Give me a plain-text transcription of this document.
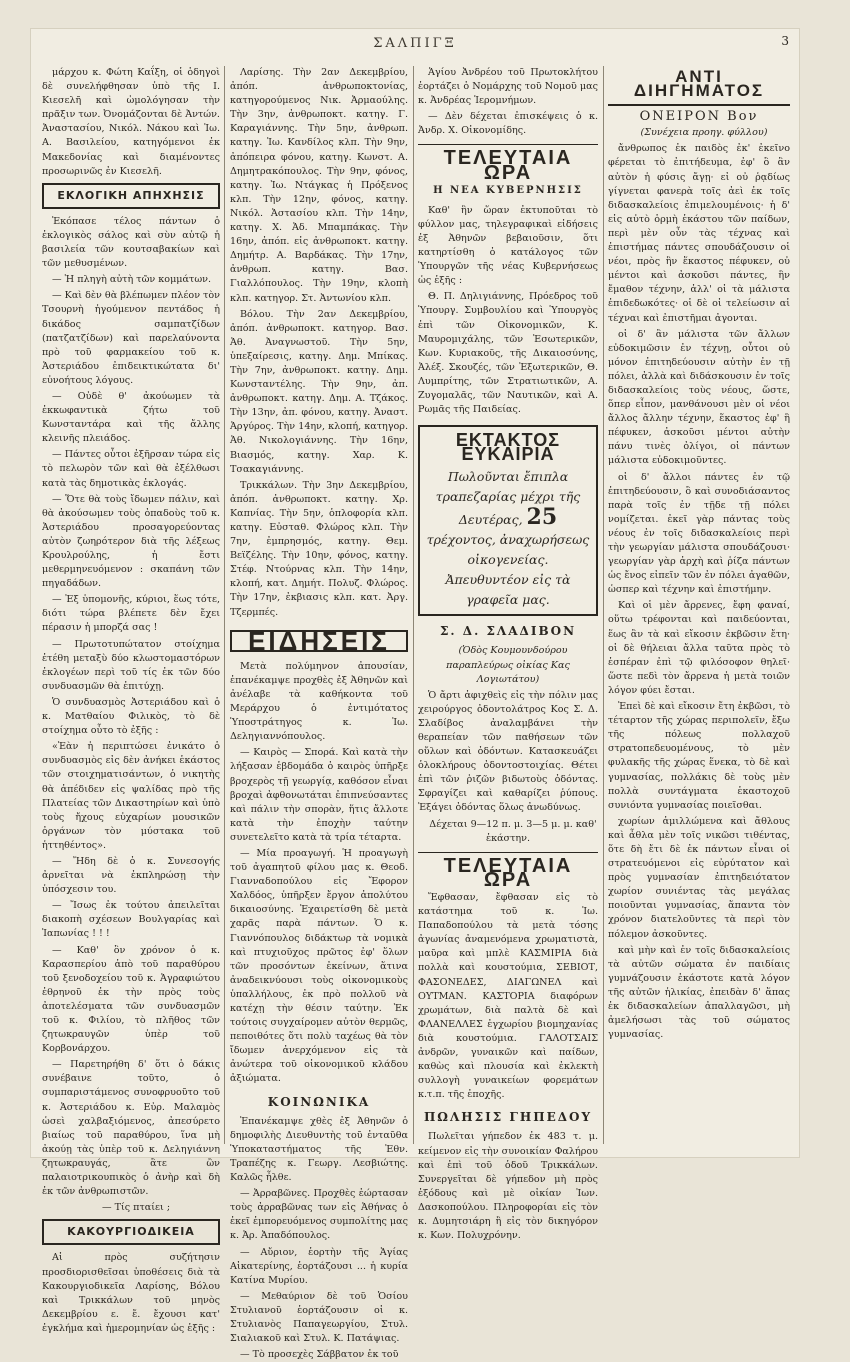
ΣΑΛΠΙΓΞ	3

μάρχου κ. Φώτη Καΐξη, οἱ ὁδηγοὶ δὲ συνελήφθησαν ὑπὸ τῆς Ι. Κιεσελῆ καὶ ὡμολόγησαν τὴν πρᾶξιν των. Ὀνομάζονται δὲ Ἀντών. Ἀναστασίου, Νικόλ. Νάκου καὶ Ἰω. Α. Βασιλείου, κατηγόμενοι ἐκ Μακεδονίας καὶ διαμένοντες προσωρινῶς ἐν Κιεσελῆ.

ΕΚΛΟΓΙΚΗ ΑΠΗΧΗΣΙΣ

Ἐκόπασε τέλος πάντων ὁ ἐκλογικὸς σάλος καὶ σὺν αὐτῷ ἡ βασιλεία τῶν κουτσαβακίων καὶ τῶν μεθυσμένων.

— Ἡ πληγὴ αὐτὴ τῶν κομμάτων.

— Καὶ δὲν θὰ βλέπωμεν πλέον τὸν Τσουρνὴ ἡγούμενον πεντάδος ἡ δικάδος σαμπατζίδων (πατζατζίδων) καὶ παρελαύνοντα πρὸ τοῦ φαρμακείου τοῦ κ. Ἀστεριάδου ἐπιδεικτικώτατα δι' εὐνοήτους λόγους.

— Οὐδὲ θ' ἀκούωμεν τὰ ἐκκωφαντικὰ ζήτω τοῦ Κωνσταντάρα καὶ τῆς ἄλλης κλεινῆς πλειάδος.

— Πάντες οὗτοι ἐξῆρσαν τώρα εἰς τὸ πελωρὸν τῶν καὶ θὰ ἐξέλθωσι κατὰ τὰς δημοτικὰς ἐκλογάς.

— Ὅτε θὰ τοὺς ἴδωμεν πάλιν, καὶ θὰ ἀκούσωμεν τοὺς ὀπαδοὺς τοῦ κ. Ἀστεριάδου προσαγορεύοντας αὐτὸν ζωηρότερον διὰ τῆς λέξεως Κρουλρούλης, ἡ ἔστι μεθερμηνευόμενον : σκαπάνη τῶν πηγαδάδων.

— Ἐξ ὑπομονῆς, κύριοι, ἕως τότε, διότι τώρα βλέπετε δὲν ἔχει πέρασιν ἡ μπορζά σας !

— Πρωτοτυπώτατον στοίχημα ἐτέθη μεταξὺ δύο κλωστομαστόρων ἐκλογέων περὶ τοῦ τίς ἐκ τῶν δύο συνδυασμῶν θὰ ἐπιτύχῃ.

Ὁ συνδυασμὸς Ἀστεριάδου καὶ ὁ κ. Ματθαίου Φιλικὸς, τὸ δὲ στοίχημα οὗτο τὸ ἐξῆς :

«Ἐὰν ἡ περιπτώσει ἐνικάτο ὁ συνδυασμὸς εἰς δὲν ἀνήκει ἑκάστος τῶν στοιχηματισάντων, ὁ νικητὴς θὰ ἀπέδιδεν εἰς ψαλίδας πρὸ τῆς Πλατείας τῶν Δικαστηρίων καὶ ὑπὸ τοὺς ἤχους εὐχαρίων μουσικῶν ὀργάνων τὸν μύστακα τοῦ ἡττηθέντος».

— Ἤδη δὲ ὁ κ. Συνεσογής ἀρνεῖται νὰ ἐκπληρώσῃ τὴν ὑπόσχεσιν του.

— Ἴσως ἐκ τούτου ἀπειλεῖται διακοπὴ σχέσεων Βουλγαρίας καὶ Ἰαπωνίας ! ! !

— Καθ' ὃν χρόνον ὁ κ. Καρασπερίου ἀπὸ τοῦ παραθύρου τοῦ ξενοδοχείου τοῦ κ. Ἀγραφιώτου ἐθρηνοῦ ἐκ τὴν πρὸς τοὺς ἀποτελέσματα τῶν συνδυασμῶν τοῦ κ. Φιλίου, τὸ πλῆθος τῶν ζητωκραυγῶν ὑπὲρ τοῦ Κορβονάρχου.

— Παρετηρήθη δ' ὅτι ὁ δάκις συνέβαινε τοῦτο, ὁ συμπαριστάμενος συνοφρυοῦτο τοῦ κ. Ἀστεριάδου κ. Εὐρ. Μαλαμὸς ὡσεὶ χαλβαξιόμενος, ἀπεσύρετο βιαίως τοῦ παραθύρου, ἵνα μὴ ἀκούῃ τὰς ὑπὲρ τοῦ κ. Δεληγιάννη ζητωκραυγάς, ἃτε ὢν παλαιοτρικουπικὸς ὁ ἀνὴρ καὶ δὴ ἐκ τῶν ἀνθρωπιστῶν.

— Τίς πταίει ;

ΚΑΚΟΥΡΓΙΟΔΙΚΕΙΑ

Αἱ πρὸς συζήτησιν προσδιορισθεῖσαι ὑποθέσεις διὰ τὰ Κακουργιοδικεῖα Λαρίσης, Βόλου καὶ Τρικκάλων τοῦ μηνὸς Δεκεμβρίου ε. ἔ. ἔχουσι κατ' ἐγκλήμα καὶ ἡμερομηνίαν ὡς ἑξῆς :

Λαρίσης. Τὴν 2αν Δεκεμβρίου, ἀπόπ. ἀνθρωποκτονίας, κατηγορούμενος Νικ. Ἀρμαούλης. Τὴν 3ην, ἀνθρωποκτ. κατηγ. Γ. Καραγιάννης. Τὴν 5ην, ἀνθρωπ. κατηγ. Ἰω. Κανδίλος κλπ. Τὴν 9ην, ἀπόπειρα φόνου, κατηγ. Κωνστ. Α. Δημητρακόπουλος. Τὴν 9ην, φόνος, κατηγ. Ἰω. Ντάγκας ἡ Πρόξενος κλπ. Τὴν 12ην, φόνος, κατηγ. Νικόλ. Ἀστασίου κλπ. Τὴν 14ην, κατηγ. Χ. Ἀδ. Μπαμπάκας. Τὴν 16ην, ἀπόπ. εἰς ἀνθρωποκτ. κατηγ. Δημήτρ. Α. Βαρδάκας. Τὴν 17ην, ἀνθρωπ. κατηγ. Βασ. Γιαλλόπουλος. Τὴν 19ην, κλοπὴ κλπ. κατηγορ. Στ. Ἀντωνίου κλπ.

Βόλου. Τὴν 2αν Δεκεμβρίου, ἀπόπ. ἀνθρωποκτ. κατηγορ. Βασ. Ἀθ. Ἀναγνωστοῦ. Τὴν 5ην, ὑπεξαίρεσις, κατηγ. Δημ. Μπίκας. Τὴν 7ην, ἀνθρωποκτ. κατηγ. Δημ. Κωνσταντέλης. Τὴν 9ην, ἀπ. ἀνθρωποκτ. κατηγ. Δημ. Α. Τζάκος. Τὴν 13ην, ἀπ. φόνου, κατηγ. Ἀναστ. Ἀργύρος. Τὴν 14ην, κλοπή, κατηγορ. Ἀθ. Νικολογιάννης. Τὴν 16ην, Βιασμός, κατηγ. Χαρ. Κ. Τσακαγιάννης.

Τρικκάλων. Τὴν 3ην Δεκεμβρίου, ἀπόπ. ἀνθρωποκτ. κατηγ. Χρ. Καπνίας. Τὴν 5ην, ὁπλοφορία κλπ. κατηγ. Εὐσταθ. Φλώρος κλπ. Τὴν 7ην, ἐμπρησμός, κατηγ. Θεμ. Βεϊζέλης. Τὴν 10ην, φόνος, κατηγ. Στέφ. Ντούρνας κλπ. Τὴν 14ην, κλοπή, κατ. Δημήτ. Πολυζ. Φλώρος. Τὴν 17ην, ἐκβιασις κλπ. κατ. Ἀργ. Τζερμπές.

ΕΙΔΗΣΕΙΣ

Μετὰ πολύμηνον ἀπουσίαν, ἐπανέκαμψε προχθὲς ἐξ Ἀθηνῶν καὶ ἀνέλαβε τὰ καθήκοντα τοῦ Μεράρχου ὁ ἐντιμότατος Ὑποστράτηγος κ. Ἰω. Δεληγιαννόπουλος.

— Καιρὸς — Σπορά. Καὶ κατὰ τὴν λήξασαν ἑβδομάδα ὁ καιρὸς ὑπῆρξε βροχερὸς τῇ γεωργίᾳ, καθόσον εἶναι βροχαὶ ἀφθονωτάται ἐπιπνεύσαντες καὶ πάλιν τὴν σπορὰν, ἥτις ἄλλοτε κατὰ τὴν ἐποχὴν ταύτην συνετελεῖτο κατὰ τὰ τρία τέταρτα.

— Μία προαγωγή. Ἡ προαγωγὴ τοῦ ἀγαπητοῦ φίλου μας κ. Θεοδ. Γιανναδοπούλου εἰς Ἔφορον Χαλδόος, ὑπῆρξεν ἔργον ἀπολύτου δικαιοσύνης. Ἐχαιρετίσθη δὲ μετὰ χαρᾶς παρὰ πάντων. Ὁ κ. Γιαννόπουλος διδάκτωρ τὰ νομικὰ καὶ πτυχιοῦχος πρῶτος ἐφ' ὅλων τῶν προσόντων ἐκείνων, ἅτινα ἀναδεικνύουσι τοὺς οἰκονομικοὺς ὑπαλλήλους, ἐκ πρὸ πολλοῦ νὰ κατέχῃ τὴν θέσιν ταύτην. Ἐκ τούτοις συγχαίρομεν αὐτὸν θερμῶς, πεποιθότες ὅτι πολὺ ταχέως θὰ τὸν ἴδωμεν ἀνερχόμενον εἰς τὰ ἀνώτερα τοῦ οἰκονομικοῦ κλάδου ἀξιώματα.

ΚΟΙΝΩΝΙΚΑ

Ἐπανέκαμψε χθὲς ἐξ Ἀθηνῶν ὁ δημοφιλὴς Διευθυντὴς τοῦ ἐνταῦθα Ὑποκαταστήματος τῆς Ἐθν. Τραπέζης κ. Γεωργ. Λεσβιώτης. Καλῶς ἦλθε.

— Ἀρραβῶνες. Προχθὲς ἑώρτασαν τοὺς ἀρραβῶνας των εἰς Ἀθήνας ὁ ἐκεῖ ἐμπορευόμενος συμπολίτης μας κ. Ἀρ. Ἀπαδόπουλος.

— Αὔριον, ἑορτὴν τῆς Ἁγίας Αἰκατερίνης, ἑορτάζουσι ... ἡ κυρία Κατίνα Μυρίου.

— Μεθαύριον δὲ τοῦ Ὁσίου Στυλιανοῦ ἑορτάζουσιν οἱ κ. Στυλιανὸς Παπαγεωργίου, Στυλ. Σιαλιακοῦ καὶ Στυλ. Κ. Πατάψιας.

— Τὸ προσεχὲς Σάββατον ἐκ τοῦ

Ἁγίου Ἀνδρέου τοῦ Πρωτοκλήτου ἑορτάζει ὁ Νομάρχης τοῦ Νομοῦ μας κ. Ἀνδρέας Ἱερομνήμων.

— Δὲν δέχεται ἐπισκέψεις ὁ κ. Ἀνδρ. Χ. Οἰκονομίδης.

ΤΕΛΕΥΤΑΙΑ ΩΡΑ
Η ΝΕΑ ΚΥΒΕΡΝΗΣΙΣ

Καθ' ἣν ὥραν ἐκτυποῦται τὸ φύλλον μας, τηλεγραφικαὶ εἰδήσεις ἐξ Ἀθηνῶν βεβαιοῦσιν, ὅτι κατηρτίσθη ὁ κατάλογος τῶν Ὑπουργῶν τῆς νέας Κυβερνήσεως ὡς ἑξῆς :

Θ. Π. Δηλιγιάννης, Πρόεδρος τοῦ Ὑπουργ. Συμβουλίου καὶ Ὑπουργὸς ἐπὶ τῶν Οἰκονομικῶν, Κ. Μαυρομιχάλης, τῶν Ἐσωτερικῶν, Κων. Κυριακοῦς, τῆς Δικαιοσύνης, Ἀλέξ. Σκουζές, τῶν Ἐξωτερικῶν, Θ. Λυμπρίτης, τῶν Στρατιωτικῶν, Α. Ζυγομαλᾶς, τῶν Ναυτικῶν, καὶ Α. Ρωμᾶς τῆς Παιδείας.

ΕΚΤΑΚΤΟΣ ΕΥΚΑΙΡΙΑ
Πωλοῦνται ἔπιπλα τραπεζαρίας μέχρι τῆς Δευτέρας, 25 τρέχοντος, ἀναχωρήσεως οἰκογενείας.
Ἀπευθυντέον εἰς τὰ γραφεῖα μας.
Σ. Δ. ΣΛΑΔΙΒΟΝ

(Ὁδὸς Κουμουνδούρου παραπλεύρως οἰκίας Κας Λογιωτάτου)

Ὁ ἄρτι ἀφιχθεὶς εἰς τὴν πόλιν μας χειρούργος ὀδοντολάτρος Κος Σ. Δ. Σλαδίβος ἀναλαμβάνει τὴν θεραπείαν τῶν παθήσεων τῶν οὔλων καὶ ὀδόντων. Κατασκευάζει ὁλοκλήρους ὀδοντοστοιχίας. Θέτει ἐπὶ τῶν ῥιζῶν βιδωτοὺς ὀδόντας. Σφραγίζει καὶ καθαρίζει ῥύπους. Ἐξάγει ὀδόντας ὅλως ἀνωδύνως.

Δέχεται 9—12 π. μ. 3—5 μ. μ. καθ' ἑκάστην.

ΤΕΛΕΥΤΑΙΑ ΩΡΑ

Ἔφθασαν, ἔφθασαν εἰς τὸ κατάστημα τοῦ κ. Ἰω. Παπαδοπούλου τὰ μετὰ τόσης ἀγωνίας ἀναμενόμενα χρωματιστὰ, μαῦρα καὶ μπλὲ ΚΑΣΜΙΡΙΑ διὰ πολλὰ καὶ κουστούμια, ΣΕΒΙΟΤ, ΦΑΣΟΝΕΔΕΣ, ΔΙΑΓΩΝΕΛ καὶ ΟΥΤΜΑΝ. ΚΑΣΤΟΡΙΑ διαφόρων χρωμάτων, διὰ παλτὰ δὲ καὶ ΦΛΑΝΕΛΛΕΣ ἐγχωρίου βιομηχανίας διὰ κουστούμια. ΓΑΛΟΤΣΑΙΣ ἀνδρῶν, γυναικῶν καὶ παίδων, καθὼς καὶ πλουσία καὶ ἐκλεκτὴ συλλογὴ γυναικείων φορεμάτων κ.τ.π. τῆς ἐποχῆς.

ΠΩΛΗΣΙΣ ΓΗΠΕΔΟΥ

Πωλεῖται γήπεδον ἐκ 483 τ. μ. κείμενον εἰς τὴν συνοικίαν Φαλήρου καὶ ἐπὶ τοῦ ὁδοῦ Τρικκάλων. Συνεργεῖται δὲ γήπεδον μὴ πρὸς ἑξόδους καὶ μὲ οἰκίαν Ἰων. Δασκοπούλου. Πληροφορίαι εἰς τὸν κ. Δυμητσιάρη ἢ εἰς τὸν δικηγόρον κ. Κων. Πολυχρόνην.

ΑΝΤΙ ΔΙΗΓΗΜΑΤΟΣ
ΟΝΕΙΡΟΝ Βον

(Συνέχεια προηγ. φύλλου)

ἄνθρωπος ἐκ παιδὸς ἐκ' ἐκεῖνο φέρεται τὸ ἐπιτήδευμα, ἐφ' ὃ ἂν αὐτὸν ἡ φύσις ἄγῃ· εἰ οὐ ῥᾳδίως γίγνεται φανερὰ τοῖς ἀεὶ ἐκ τοῖς διδασκαλείοις ἐπιμελουμένοις· ἡ δ' εἰς αὐτὸ ὁρμὴ ἑκάστου τῶν παίδων, περὶ μὲν οὖν τὰς τέχνας καὶ ἐπιστήμας πάντες σπουδάζουσιν οἱ νέοι, πρὸς ἣν ἕκαστος πέφυκεν, οὐ μέντοι καὶ ἀσκοῦσι πάντες, ἣν ἔμαθον τέχνην, ἀλλ' οἱ τὰ μάλιστα ἐπιδεδωκότες· οἱ δὲ οἱ τελείωσιν αἱ τέχναι καὶ ἐπιστῆμαι ἀγονται.

οἱ δ' ἂν μάλιστα τῶν ἄλλων εὐδοκιμῶσιν ἐν τέχνῃ, οὗτοι οὐ μόνον ἐπιτηδεύουσιν αὐτὴν ἐν τῇ πόλει, ἀλλὰ καὶ διδάσκουσιν ἐν τοῖς διδασκαλείοις τοὺς νέους, ὥστε, ὅπερ εἶπον, μανθάνουσι μὲν οἱ νέοι ἄλλος ἄλλην τέχνην, ἕκαστος ἐφ' ἣ πέφυκεν, ἀσκοῦσι μέντοι αὐτὴν πάνυ τινὲς ὀλίγοι, οἱ πάντων μάλιστα εὐδοκιμοῦντες.

οἱ δ' ἄλλοι πάντες ἐν τῷ ἐπιτηδεύουσιν, ὃ καὶ συνοδιάσαντος παρὰ τοῖς ἐν τῇδε τῇ πόλει νομίζεται. ἐκεῖ γὰρ πάντας τοὺς νέους ἐν τοῖς διδασκαλείοις περὶ τὴν γεωργίαν μάλιστα σπουδάζουσι· γεωργίαν γὰρ ἀρχὴ καὶ ῥίζα πάντων ὡς ἔνος εἰπεῖν τῶν ἐν πόλει ἀγαθῶν, ὡσπερ καὶ τέχνην καὶ ἐπιστήμην.

Καὶ οἱ μὲν ἄρρενες, ἔφη φαναί, οὕτω τρέφονται καὶ παιδεύονται, ἕως ἂν τὰ καὶ εἴκοσιν ἐκβῶσιν ἔτη· οἱ δὲ θήλειαι ἄλλα ταῦτα πρὸς τὸ ἑσπέραν ἐπὶ τῷ φιλόσοφον θηλεῖ· ὥστε πεδὶ τὸν ἄρρενα ἡ μετὰ τοιῶν λόγον φύει ἔσται.

Ἐπεὶ δὲ καὶ εἴκοσιν ἔτη ἐκβῶσι, τὸ τέταρτον τῆς χώρας περιπολεῖν, ἔξω τῆς πόλεως πολλαχοῦ στρατοπεδευομένους, τὸ μὲν φυλακῆς τῆς χώρας ἕνεκα, τὸ δὲ καὶ γυμνασίας, πολλάκις δὲ τοὺς μὲν πολλὰ συντάγματα ἑκαστοχοῦ συνιόντα γυμνασίας ποιεῖσθαι.

χωρίων ἀμιλλώμενα καὶ ἄθλους καὶ ἆθλα μὲν τοῖς νικῶσι τιθέντας, ὅτε δὴ ἔτι δὲ ἐκ πάντων εἶναι οἱ στρατευόμενοι εἰς εὐρύτατον καὶ πρὸς γυμνασίαν ἐπιτηδειότατον χωρίον συνιέντας τὰς μεγάλας ποιοῦνται γυμνασίας, ἅπαντα τὸν χρόνον διατελοῦντες τὰ περὶ τὸν πόλεμον ἀσκοῦντες.

καὶ μὴν καὶ ἐν τοῖς διδασκαλείοις τὰ αὐτῶν σώματα ἐν παιδίαις γυμνάζουσιν ἑκάστοτε κατὰ λόγον τῆς αὐτῶν ἡλικίας, ἐπειδὰν δ' ἅπας ἐκ διδασκαλείων ἀπαλλαγῶσι, μὴ ἀμελήσωσι τὰς τοῦ σώματος γυμνασίας.
